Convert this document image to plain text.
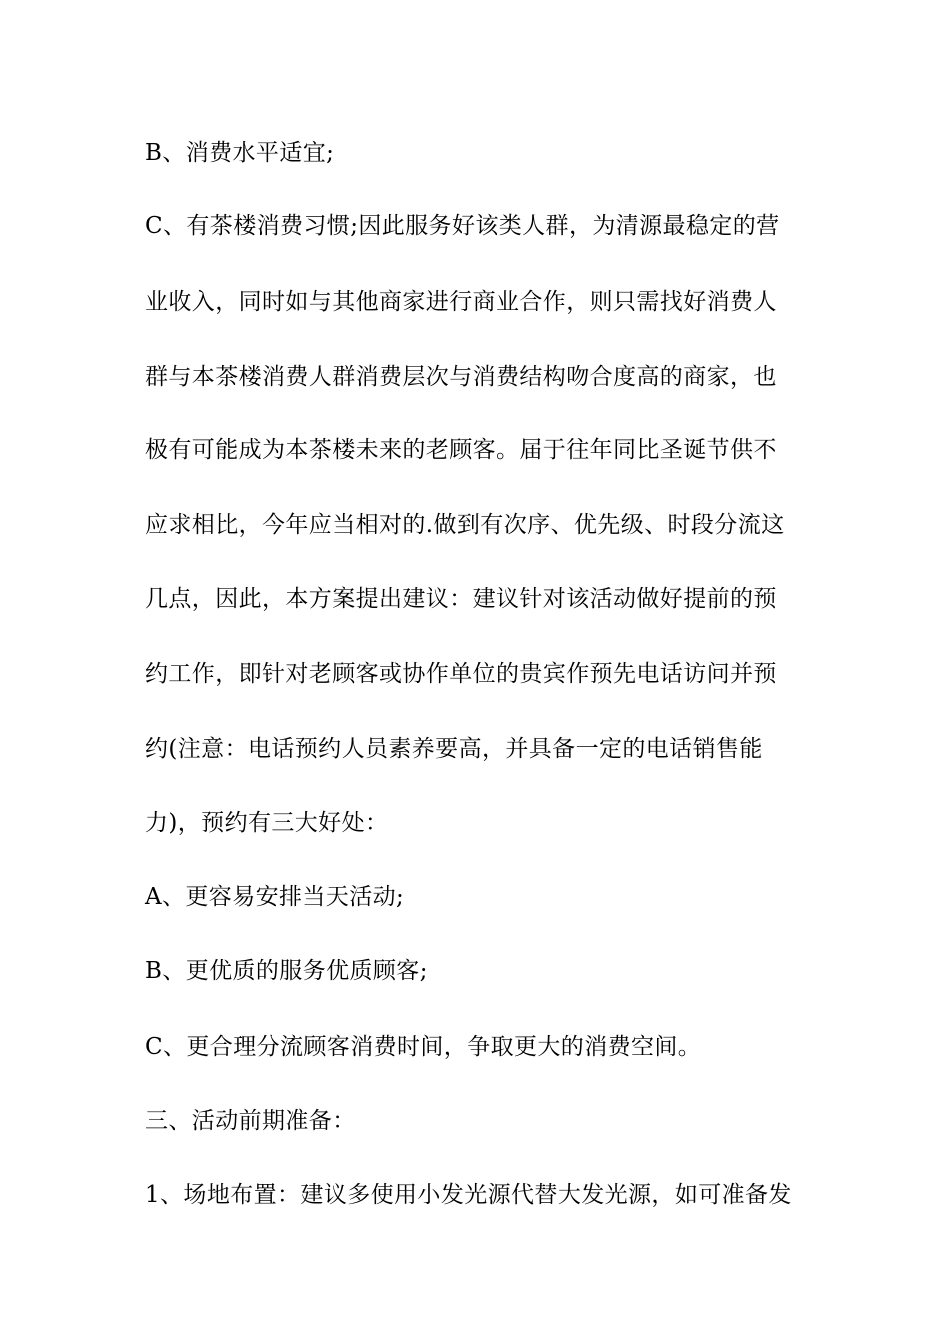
B、消费水平适宜;
C、有茶楼消费习惯;因此服务好该类人群，为清源最稳定的营
业收入，同时如与其他商家进行商业合作，则只需找好消费人
群与本茶楼消费人群消费层次与消费结构吻合度高的商家，也
极有可能成为本茶楼未来的老顾客。届于往年同比圣诞节供不
应求相比，今年应当相对的.做到有次序、优先级、时段分流这
几点，因此，本方案提出建议：建议针对该活动做好提前的预
约工作，即针对老顾客或协作单位的贵宾作预先电话访问并预
约(注意：电话预约人员素养要高，并具备一定的电话销售能
力)，预约有三大好处：
A、更容易安排当天活动;
B、更优质的服务优质顾客;
C、更合理分流顾客消费时间，争取更大的消费空间。
三、活动前期准备：
1、场地布置：建议多使用小发光源代替大发光源，如可准备发
